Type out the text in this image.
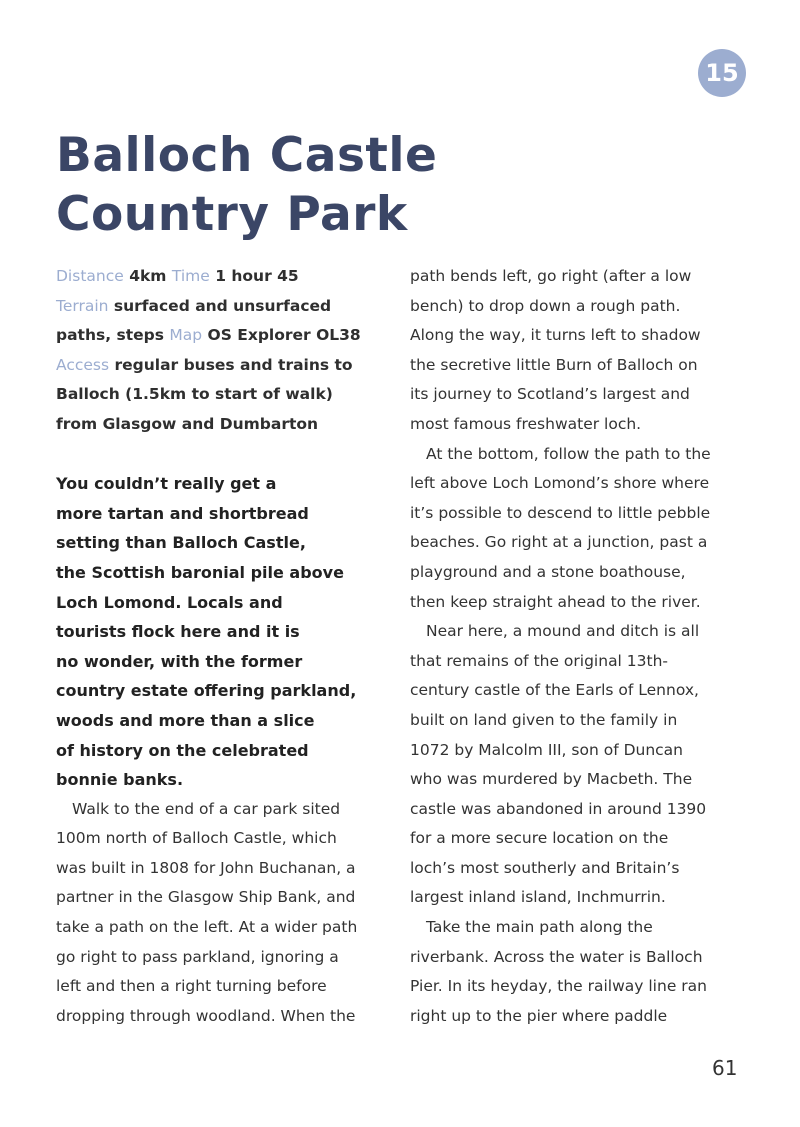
15
Balloch Castle
Country Park
Distance 4km Time 1 hour 45
Terrain surfaced and unsurfaced
paths, steps Map OS Explorer OL38
Access regular buses and trains to
Balloch (1.5km to start of walk)
from Glasgow and Dumbarton
You couldn’t really get a
more tartan and shortbread
setting than Balloch Castle,
the Scottish baronial pile above
Loch Lomond. Locals and
tourists flock here and it is
no wonder, with the former
country estate offering parkland,
woods and more than a slice
of history on the celebrated
bonnie banks.
Walk to the end of a car park sited
100m north of Balloch Castle, which
was built in 1808 for John Buchanan, a
partner in the Glasgow Ship Bank, and
take a path on the left. At a wider path
go right to pass parkland, ignoring a
left and then a right turning before
dropping through woodland. When the
path bends left, go right (after a low
bench) to drop down a rough path.
Along the way, it turns left to shadow
the secretive little Burn of Balloch on
its journey to Scotland’s largest and
most famous freshwater loch.
At the bottom, follow the path to the
left above Loch Lomond’s shore where
it’s possible to descend to little pebble
beaches. Go right at a junction, past a
playground and a stone boathouse,
then keep straight ahead to the river.
Near here, a mound and ditch is all
that remains of the original 13th-
century castle of the Earls of Lennox,
built on land given to the family in
1072 by Malcolm III, son of Duncan
who was murdered by Macbeth. The
castle was abandoned in around 1390
for a more secure location on the
loch’s most southerly and Britain’s
largest inland island, Inchmurrin.
Take the main path along the
riverbank. Across the water is Balloch
Pier. In its heyday, the railway line ran
right up to the pier where paddle
61
